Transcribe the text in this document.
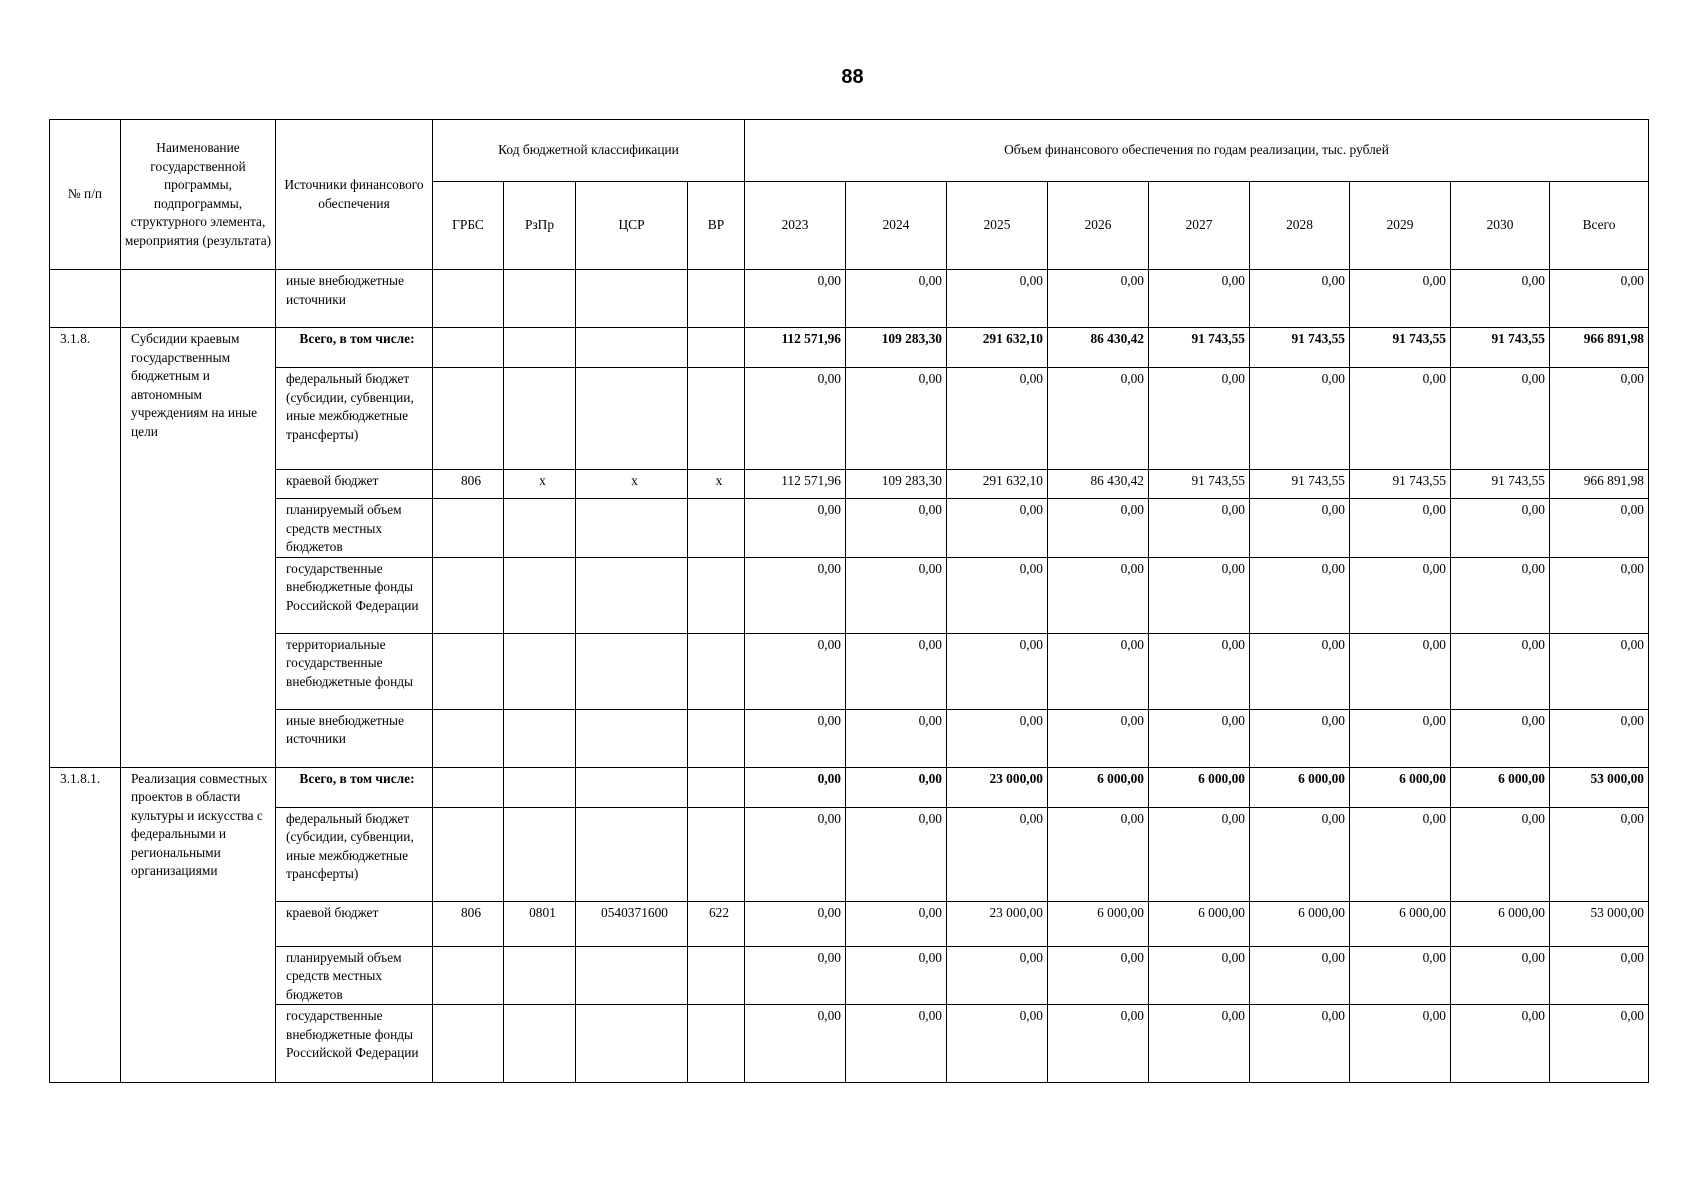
88
№ п/п	Наименование государственной программы, подпрограммы, структурного элемента, мероприятия (результата)	Источники финансового обеспечения	Код бюджетной классификации				Объем финансового обеспечения по годам реализации, тыс. рублей								
			ГРБС	РзПр	ЦСР	ВР	2023	2024	2025	2026	2027	2028	2029	2030	Всего
		иные внебюджетные источники					0,00	0,00	0,00	0,00	0,00	0,00	0,00	0,00	0,00
3.1.8.	Субсидии краевым государственным бюджетным и автономным учреждениям на иные цели	Всего, в том числе:					112 571,96	109 283,30	291 632,10	86 430,42	91 743,55	91 743,55	91 743,55	91 743,55	966 891,98
		федеральный бюджет (субсидии, субвенции, иные межбюджетные трансферты)					0,00	0,00	0,00	0,00	0,00	0,00	0,00	0,00	0,00
		краевой бюджет	806	х	х	х	112 571,96	109 283,30	291 632,10	86 430,42	91 743,55	91 743,55	91 743,55	91 743,55	966 891,98
		планируемый объем средств местных бюджетов					0,00	0,00	0,00	0,00	0,00	0,00	0,00	0,00	0,00
		государственные внебюджетные фонды Российской Федерации					0,00	0,00	0,00	0,00	0,00	0,00	0,00	0,00	0,00
		территориальные государственные внебюджетные фонды					0,00	0,00	0,00	0,00	0,00	0,00	0,00	0,00	0,00
		иные внебюджетные источники					0,00	0,00	0,00	0,00	0,00	0,00	0,00	0,00	0,00
3.1.8.1.	Реализация совместных проектов в области культуры и искусства с федеральными и региональными организациями	Всего, в том числе:					0,00	0,00	23 000,00	6 000,00	6 000,00	6 000,00	6 000,00	6 000,00	53 000,00
		федеральный бюджет (субсидии, субвенции, иные межбюджетные трансферты)					0,00	0,00	0,00	0,00	0,00	0,00	0,00	0,00	0,00
		краевой бюджет	806	0801	0540371600	622	0,00	0,00	23 000,00	6 000,00	6 000,00	6 000,00	6 000,00	6 000,00	53 000,00
		планируемый объем средств местных бюджетов					0,00	0,00	0,00	0,00	0,00	0,00	0,00	0,00	0,00
		государственные внебюджетные фонды Российской Федерации					0,00	0,00	0,00	0,00	0,00	0,00	0,00	0,00	0,00
